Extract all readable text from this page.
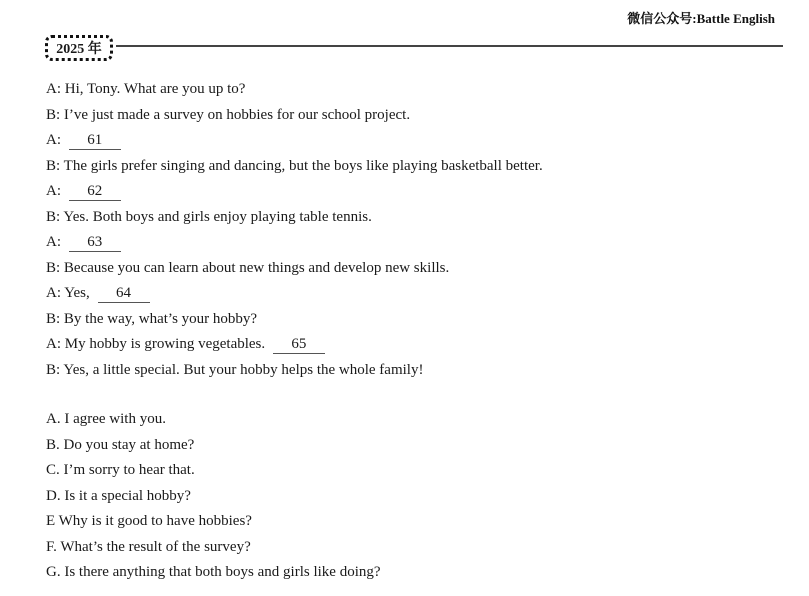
微信公众号:Battle English
2025 年
A: Hi, Tony. What are you up to?
B: I’ve just made a survey on hobbies for our school project.
A: 61
B: The girls prefer singing and dancing, but the boys like playing basketball better.
A: 62
B: Yes. Both boys and girls enjoy playing table tennis.
A: 63
B: Because you can learn about new things and develop new skills.
A: Yes, 64
B: By the way, what’s your hobby?
A: My hobby is growing vegetables. 65
B: Yes, a little special. But your hobby helps the whole family!
A. I agree with you.
B. Do you stay at home?
C. I’m sorry to hear that.
D. Is it a special hobby?
E Why is it good to have hobbies?
F. What’s the result of the survey?
G. Is there anything that both boys and girls like doing?
